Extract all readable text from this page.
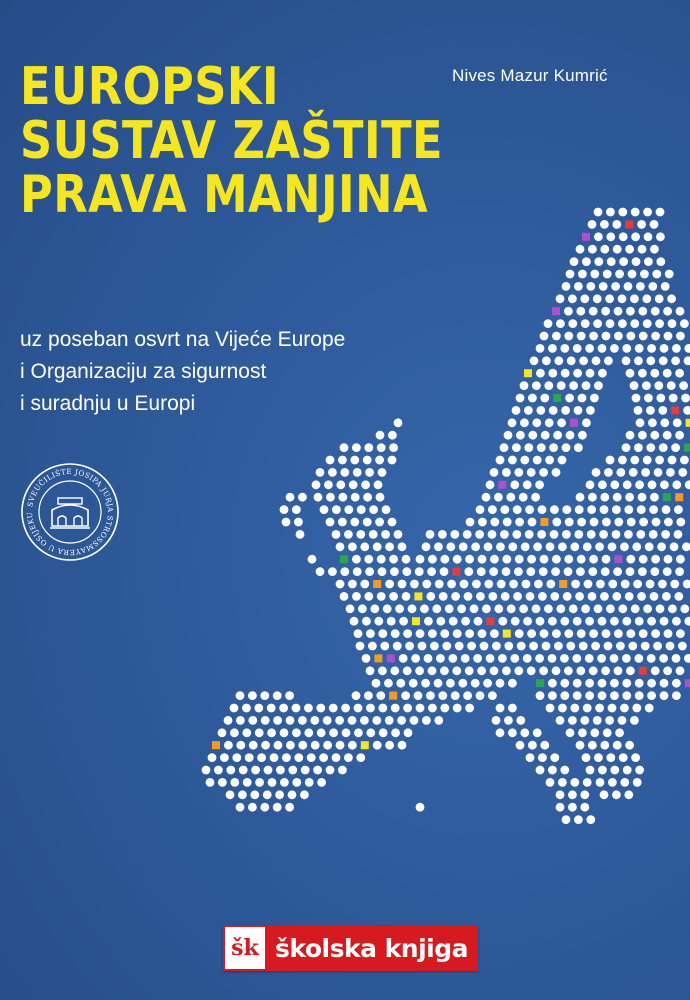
Nives Mazur Kumrić
EUROPSKI
SUSTAV ZAŠTITE
PRAVA MANJINA
uz poseban osvrt na Vijeće Europe
i Organizaciju za sigurnost
i suradnju u Europi
SVEUČILIŠTE JOSIPA JURJA STROSSMAYERA U OSIJEKU
šk školska knjiga
